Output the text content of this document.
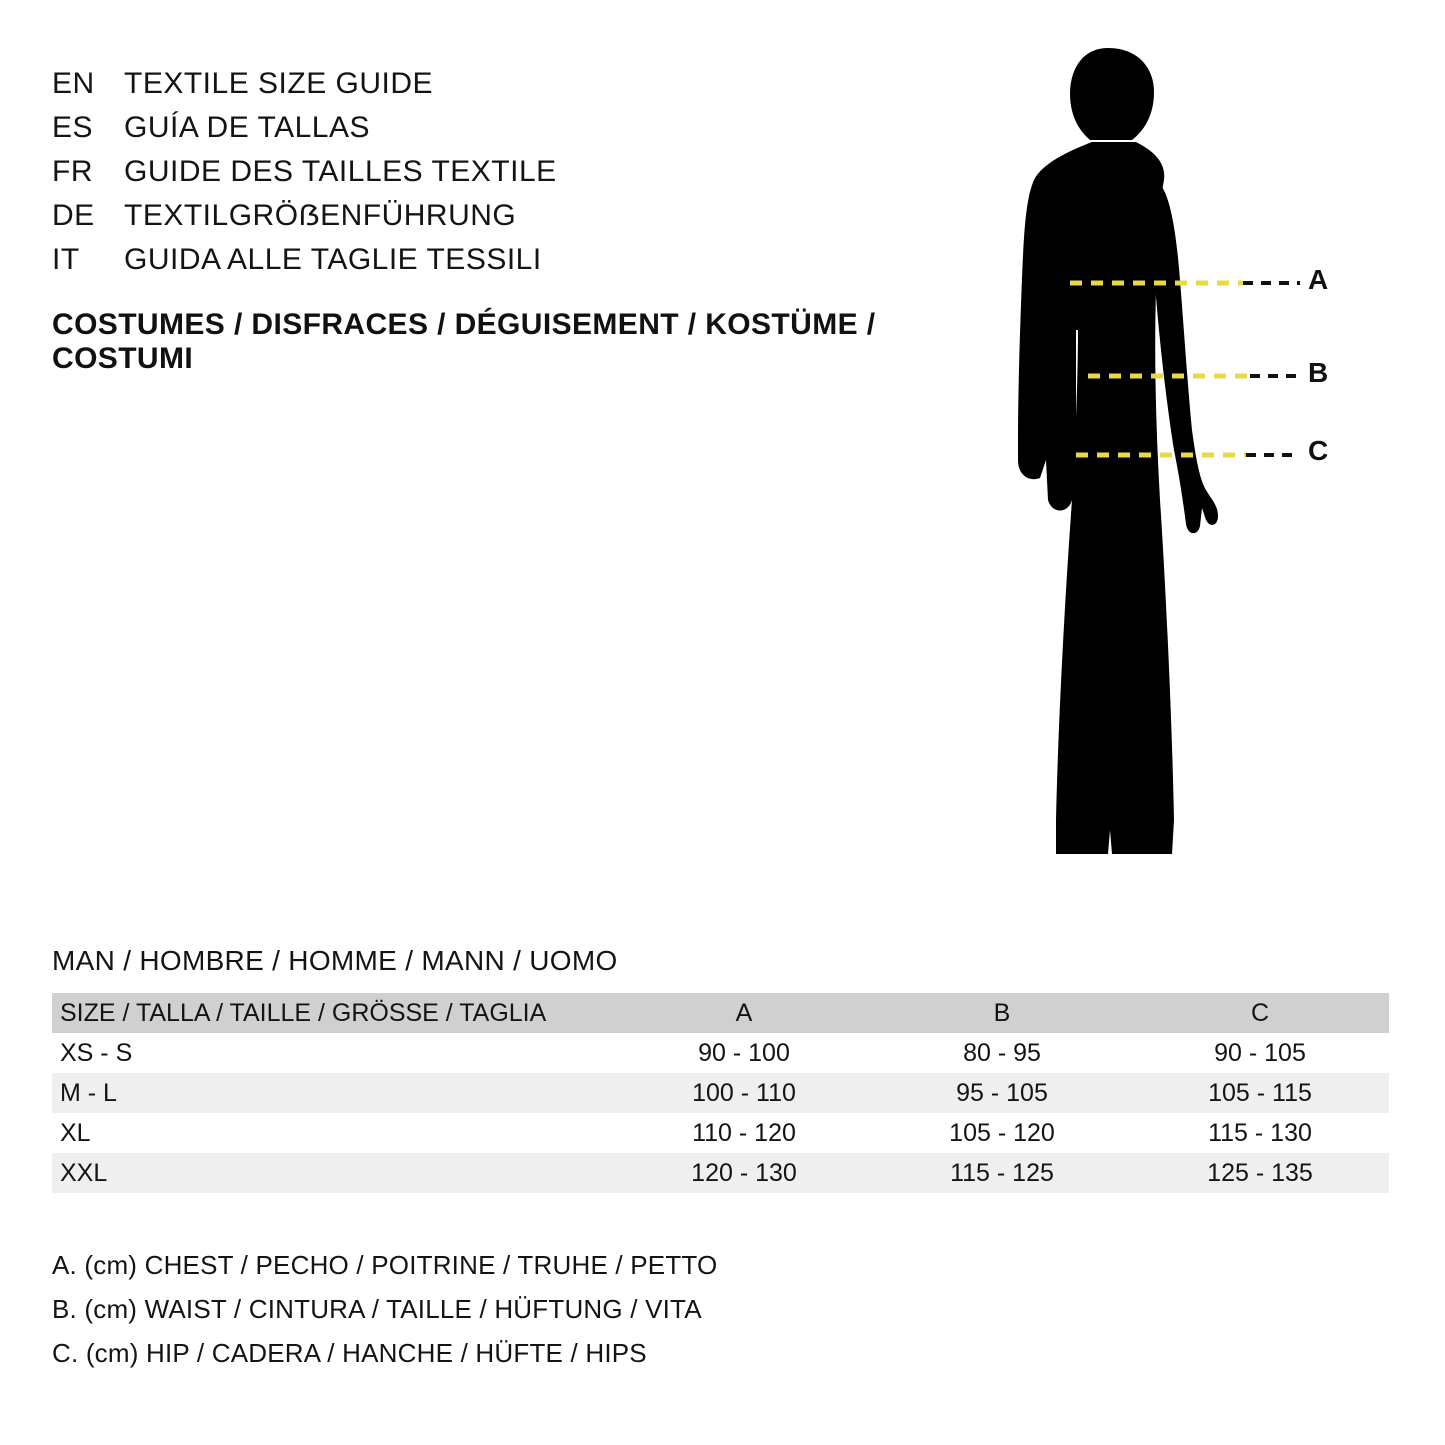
EN TEXTILE SIZE GUIDE
ES	GUÍA DE TALLAS
FR	GUIDE DES TAILLES TEXTILE
DE TEXTILGRÖẞENFÜHRUNG
IT	GUIDA ALLE TAGLIE TESSILI
COSTUMES / DISFRACES / DÉGUISEMENT / KOSTÜME / COSTUMI
A
B
C
MAN / HOMBRE / HOMME / MANN / UOMO
SIZE / TALLA / TAILLE / GRÖSSE / TAGLIA	A	B	C
XS - S	90 - 100	80 - 95	90 - 105
M - L	100 - 110	95 - 105	105 - 115
XL	110 - 120	105 - 120	115 - 130
XXL	120 - 130	115 - 125	125 - 135
A. (cm) CHEST / PECHO / POITRINE / TRUHE / PETTO
B. (cm) WAIST / CINTURA / TAILLE / HÜFTUNG / VITA
C. (cm) HIP / CADERA / HANCHE / HÜFTE / HIPS
